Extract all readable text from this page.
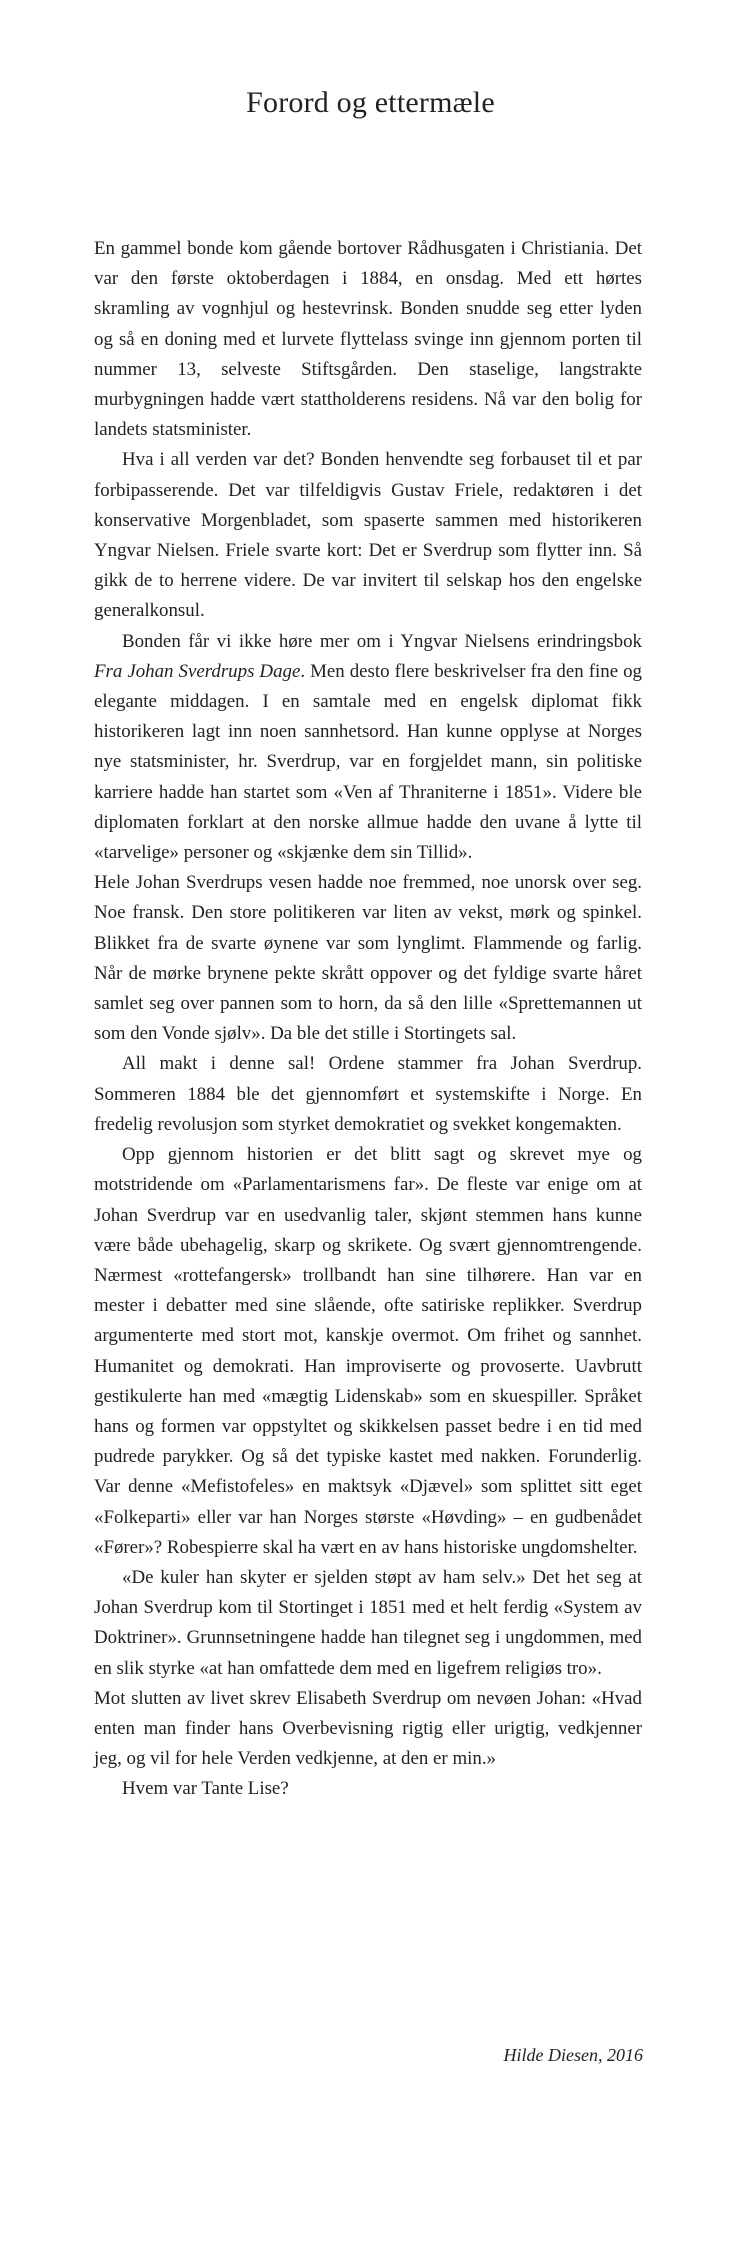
Forord og ettermæle

En gammel bonde kom gående bortover Rådhusgaten i Christiania. Det var den første oktoberdagen i 1884, en onsdag. Med ett hørtes skramling av vognhjul og hestevrinsk. Bonden snudde seg etter lyden og så en doning med et lurvete flyttelass svinge inn gjennom porten til nummer 13, selveste Stiftsgården. Den staselige, langstrakte murbygningen hadde vært stattholderens residens. Nå var den bolig for landets statsminister.

Hva i all verden var det? Bonden henvendte seg forbauset til et par forbipasserende. Det var tilfeldigvis Gustav Friele, redaktøren i det konservative Morgenbladet, som spaserte sammen med historikeren Yngvar Nielsen. Friele svarte kort: Det er Sverdrup som flytter inn. Så gikk de to herrene videre. De var invitert til selskap hos den engelske generalkonsul.

Bonden får vi ikke høre mer om i Yngvar Nielsens erindringsbok Fra Johan Sverdrups Dage. Men desto flere beskrivelser fra den fine og elegante middagen. I en samtale med en engelsk diplomat fikk historikeren lagt inn noen sannhetsord. Han kunne opplyse at Norges nye statsminister, hr. Sverdrup, var en forgjeldet mann, sin politiske karriere hadde han startet som «Ven af Thraniterne i 1851». Videre ble diplomaten forklart at den norske allmue hadde den uvane å lytte til «tarvelige» personer og «skjænke dem sin Tillid».

Hele Johan Sverdrups vesen hadde noe fremmed, noe unorsk over seg. Noe fransk. Den store politikeren var liten av vekst, mørk og spinkel. Blikket fra de svarte øynene var som lynglimt. Flammende og farlig. Når de mørke brynene pekte skrått oppover og det fyldige svarte håret samlet seg over pannen som to horn, da så den lille «Sprettemannen ut som den Vonde sjølv». Da ble det stille i Stortingets sal.

All makt i denne sal! Ordene stammer fra Johan Sverdrup. Sommeren 1884 ble det gjennomført et systemskifte i Norge. En fredelig revolusjon som styrket demokratiet og svekket kongemakten.

Opp gjennom historien er det blitt sagt og skrevet mye og motstridende om «Parlamentarismens far». De fleste var enige om at Johan Sverdrup var en usedvanlig taler, skjønt stemmen hans kunne være både ubehagelig, skarp og skrikete. Og svært gjennomtrengende. Nærmest «rottefangersk» trollbandt han sine tilhørere. Han var en mester i debatter med sine slående, ofte satiriske replikker. Sverdrup argumenterte med stort mot, kanskje overmot. Om frihet og sannhet. Humanitet og demokrati. Han improviserte og provoserte. Uavbrutt gestikulerte han med «mægtig Lidenskab» som en skuespiller. Språket hans og formen var oppstyltet og skikkelsen passet bedre i en tid med pudrede parykker. Og så det typiske kastet med nakken. Forunderlig. Var denne «Mefistofeles» en maktsyk «Djævel» som splittet sitt eget «Folkeparti» eller var han Norges største «Høvding» – en gudbenådet «Fører»? Robespierre skal ha vært en av hans historiske ungdomshelter.

«De kuler han skyter er sjelden støpt av ham selv.» Det het seg at Johan Sverdrup kom til Stortinget i 1851 med et helt ferdig «System av Doktriner». Grunnsetningene hadde han tilegnet seg i ungdommen, med en slik styrke «at han omfattede dem med en ligefrem religiøs tro».

Mot slutten av livet skrev Elisabeth Sverdrup om nevøen Johan: «Hvad enten man finder hans Overbevisning rigtig eller urigtig, vedkjenner jeg, og vil for hele Verden vedkjenne, at den er min.»

Hvem var Tante Lise?

Hilde Diesen, 2016
